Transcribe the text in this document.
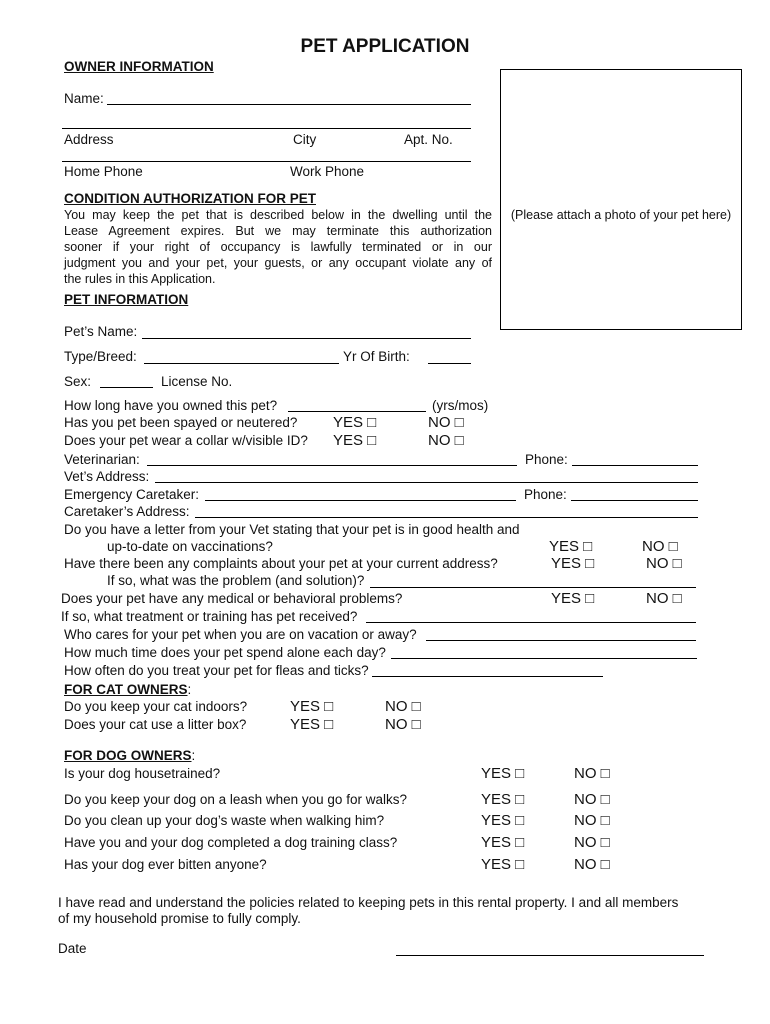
PET APPLICATION
OWNER INFORMATION
Name:
Address	City	Apt. No.
Home Phone	Work Phone
CONDITION AUTHORIZATION FOR PET
You may keep the pet that is described below in the dwelling until the
Lease Agreement expires. But we may terminate this authorization
sooner if your right of occupancy is lawfully terminated or in our
judgment you and your pet, your guests, or any occupant violate any of
the rules in this Application.
(Please attach a photo of your pet here)
PET INFORMATION
Pet’s Name:
Type/Breed:	Yr Of Birth:
Sex:	License No.
How long have you owned this pet?	(yrs/mos)
Has you pet been spayed or neutered? YES □	NO □
Does your pet wear a collar w/visible ID? YES □	NO □
Veterinarian:	Phone:
Vet’s Address:
Emergency Caretaker:	Phone:
Caretaker’s Address:
Do you have a letter from your Vet stating that your pet is in good health and
up-to-date on vaccinations?	YES □	NO □
Have there been any complaints about your pet at your current address?	YES □	NO □
If so, what was the problem (and solution)?
Does your pet have any medical or behavioral problems?	YES □	NO □
If so, what treatment or training has pet received?
Who cares for your pet when you are on vacation or away?
How much time does your pet spend alone each day?
How often do you treat your pet for fleas and ticks?
FOR CAT OWNERS:
Do you keep your cat indoors?	YES □	NO □
Does your cat use a litter box?	YES □	NO □
FOR DOG OWNERS:
Is your dog housetrained?	YES □	NO □
Do you keep your dog on a leash when you go for walks?	YES □	NO □
Do you clean up your dog’s waste when walking him?	YES □	NO □
Have you and your dog completed a dog training class?	YES □	NO □
Has your dog ever bitten anyone?	YES □	NO □
I have read and understand the policies related to keeping pets in this rental property. I and all members
of my household promise to fully comply.
Date
